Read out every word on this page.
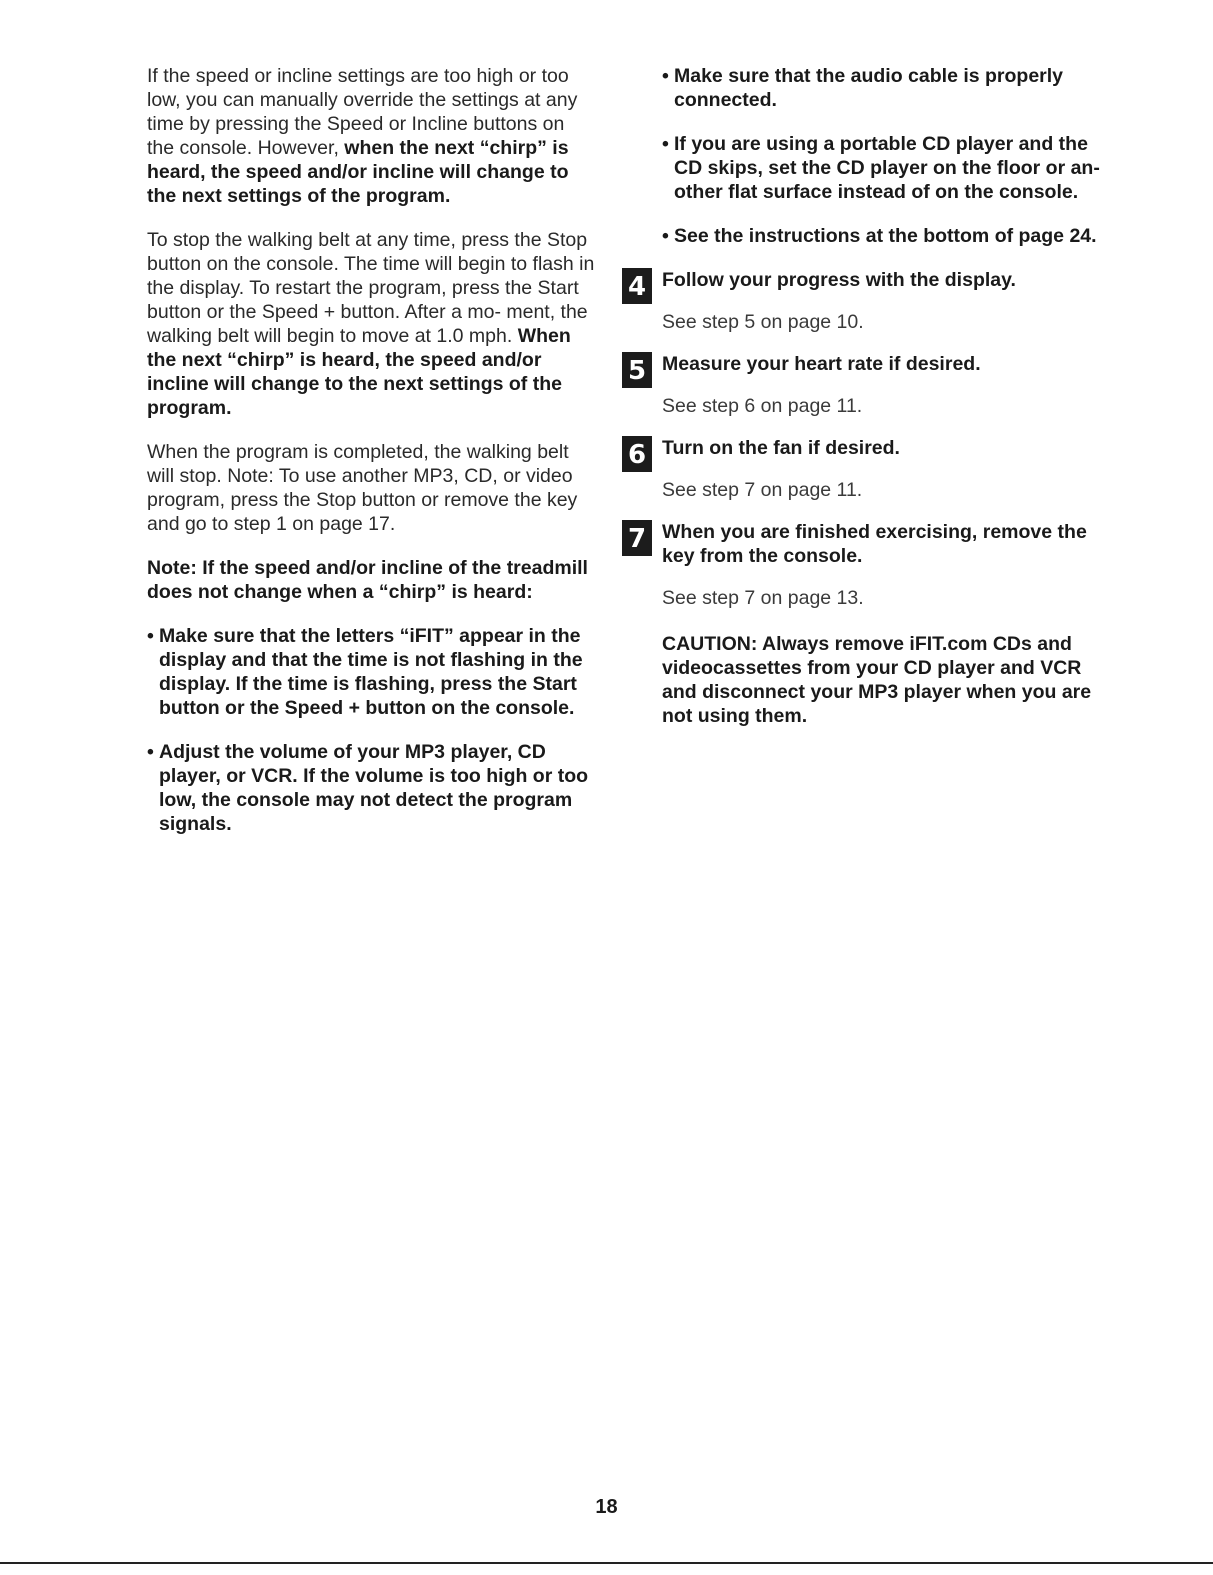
If the speed or incline settings are too high or too low, you can manually override the settings at any time by pressing the Speed or Incline buttons on the console. However, when the next “chirp” is heard, the speed and/or incline will change to the next settings of the program.

To stop the walking belt at any time, press the Stop button on the console. The time will begin to flash in the display. To restart the program, press the Start button or the Speed + button. After a mo- ment, the walking belt will begin to move at 1.0 mph. When the next “chirp” is heard, the speed and/or incline will change to the next settings of the program.

When the program is completed, the walking belt will stop. Note: To use another MP3, CD, or video program, press the Stop button or remove the key and go to step 1 on page 17.

Note: If the speed and/or incline of the treadmill does not change when a “chirp” is heard:

• Make sure that the letters “iFIT” appear in the display and that the time is not flashing in the display. If the time is flashing, press the Start button or the Speed + button on the console.
• Adjust the volume of your MP3 player, CD player, or VCR. If the volume is too high or too low, the console may not detect the program signals.
• Make sure that the audio cable is properly connected.
• If you are using a portable CD player and the CD skips, set the CD player on the floor or an- other flat surface instead of on the console.
• See the instructions at the bottom of page 24.
4 Follow your progress with the display.

See step 5 on page 10.

5 Measure your heart rate if desired.

See step 6 on page 11.

6 Turn on the fan if desired.

See step 7 on page 11.

7 When you are finished exercising, remove the key from the console.

See step 7 on page 13.

CAUTION: Always remove iFIT.com CDs and videocassettes from your CD player and VCR and disconnect your MP3 player when you are not using them.

18
